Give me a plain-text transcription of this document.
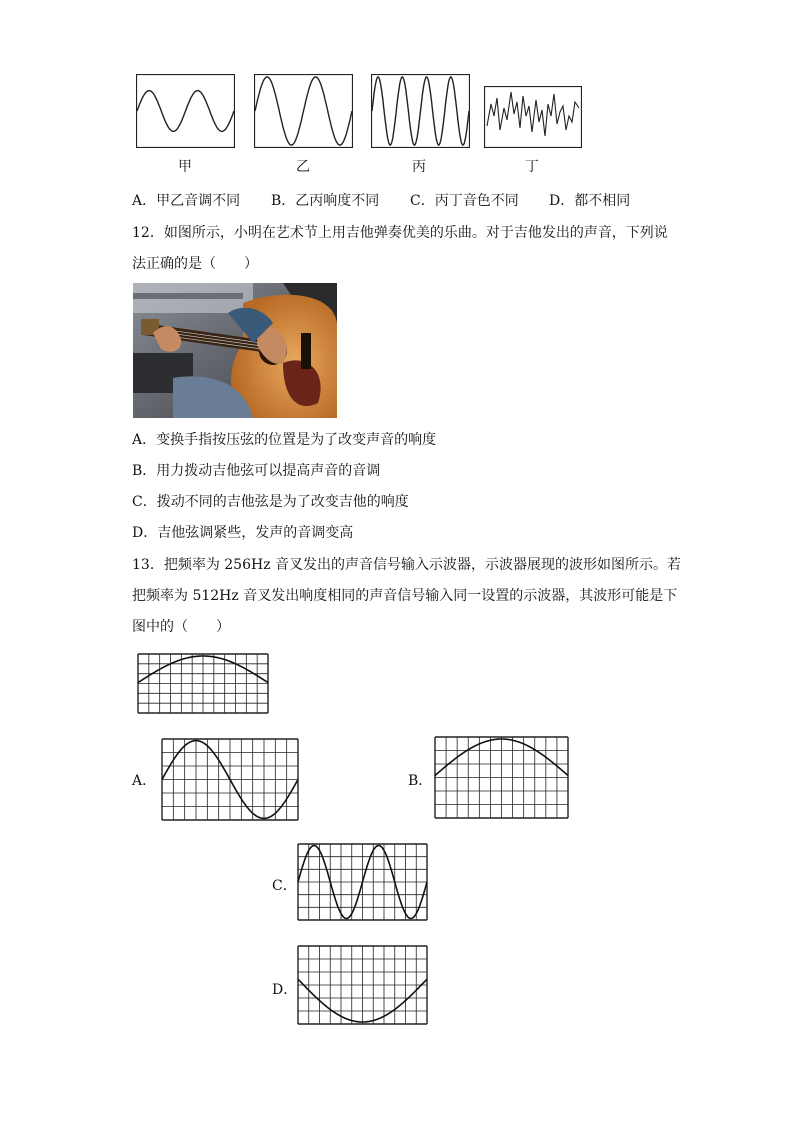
甲	乙	丙	丁
A．甲乙音调不同 B．乙丙响度不同 C．丙丁音色不同 D．都不相同
12．如图所示，小明在艺术节上用吉他弹奏优美的乐曲。对于吉他发出的声音，下列说
法正确的是（　　）
A．变换手指按压弦的位置是为了改变声音的响度
B．用力拨动吉他弦可以提高声音的音调
C．拨动不同的吉他弦是为了改变吉他的响度
D．吉他弦调紧些，发声的音调变高
13．把频率为 256Hz 音叉发出的声音信号输入示波器，示波器展现的波形如图所示。若
把频率为 512Hz 音叉发出响度相同的声音信号输入同一设置的示波器，其波形可能是下
图中的（　　）
A．	B．
C．
D．
